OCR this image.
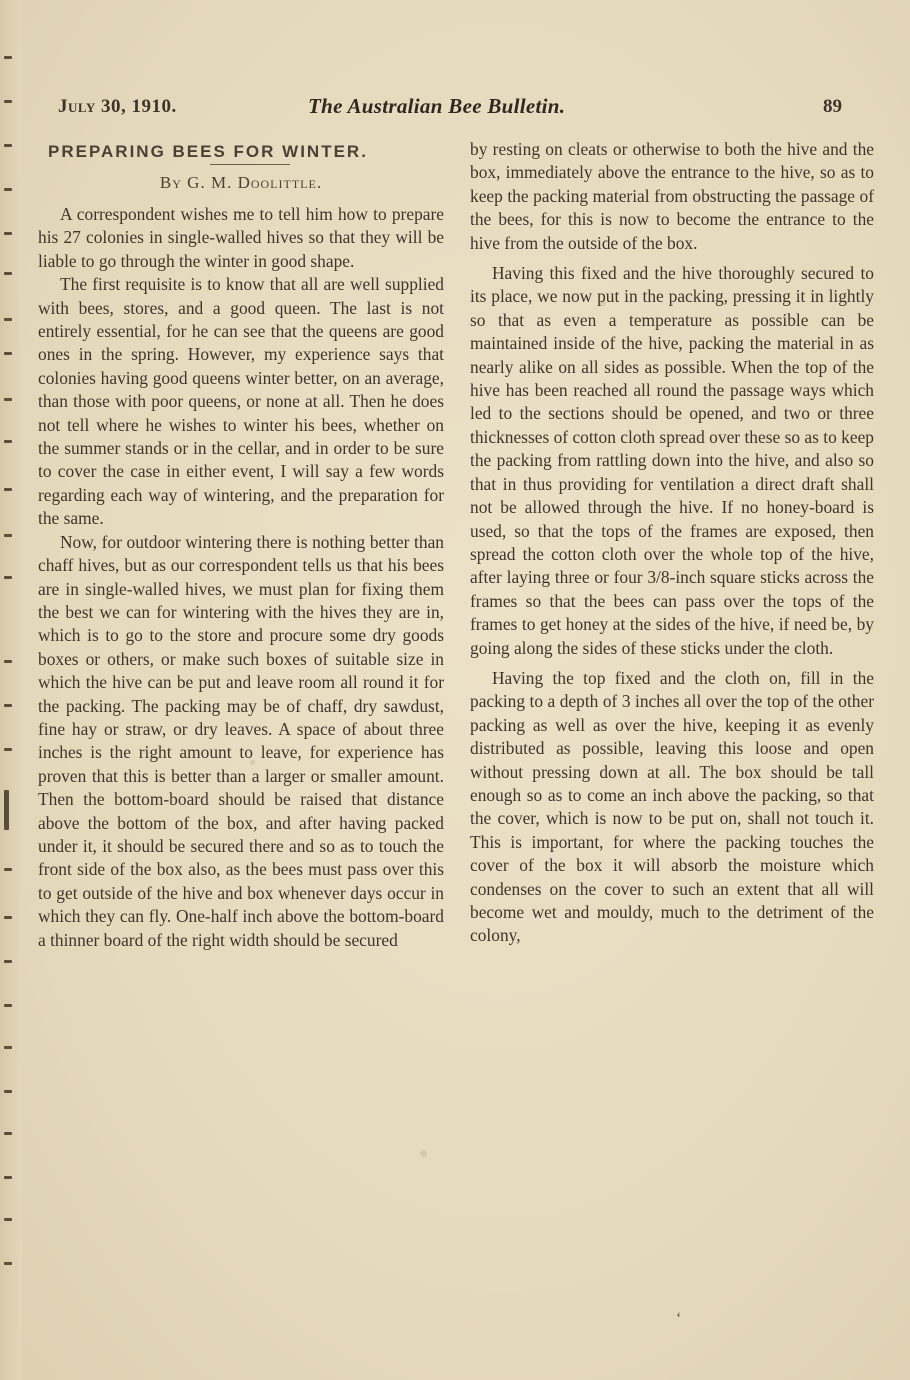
July 30, 1910.	The Australian Bee Bulletin.	89
PREPARING BEES FOR WINTER.
By G. M. Doolittle.

A correspondent wishes me to tell him how to prepare his 27 colonies in single-walled hives so that they will be liable to go through the winter in good shape.

The first requisite is to know that all are well supplied with bees, stores, and a good queen. The last is not entirely essential, for he can see that the queens are good ones in the spring. However, my experience says that colonies having good queens winter better, on an average, than those with poor queens, or none at all. Then he does not tell where he wishes to winter his bees, whether on the summer stands or in the cellar, and in order to be sure to cover the case in either event, I will say a few words regarding each way of wintering, and the preparation for the same.

Now, for outdoor wintering there is nothing better than chaff hives, but as our correspondent tells us that his bees are in single-walled hives, we must plan for fixing them the best we can for wintering with the hives they are in, which is to go to the store and procure some dry goods boxes or others, or make such boxes of suitable size in which the hive can be put and leave room all round it for the packing. The packing may be of chaff, dry sawdust, fine hay or straw, or dry leaves. A space of about three inches is the right amount to leave, for experience has proven that this is better than a larger or smaller amount. Then the bottom-board should be raised that distance above the bottom of the box, and after having packed under it, it should be secured there and so as to touch the front side of the box also, as the bees must pass over this to get outside of the hive and box whenever days occur in which they can fly. One-half inch above the bottom-board a thinner board of the right width should be secured

by resting on cleats or otherwise to both the hive and the box, immediately above the entrance to the hive, so as to keep the packing material from obstructing the passage of the bees, for this is now to become the entrance to the hive from the outside of the box.

Having this fixed and the hive thoroughly secured to its place, we now put in the packing, pressing it in lightly so that as even a temperature as possible can be maintained inside of the hive, packing the material in as nearly alike on all sides as possible. When the top of the hive has been reached all round the passage ways which led to the sections should be opened, and two or three thicknesses of cotton cloth spread over these so as to keep the packing from rattling down into the hive, and also so that in thus providing for ventilation a direct draft shall not be allowed through the hive. If no honey-board is used, so that the tops of the frames are exposed, then spread the cotton cloth over the whole top of the hive, after laying three or four 3/8-inch square sticks across the frames so that the bees can pass over the tops of the frames to get honey at the sides of the hive, if need be, by going along the sides of these sticks under the cloth.

Having the top fixed and the cloth on, fill in the packing to a depth of 3 inches all over the top of the other packing as well as over the hive, keeping it as evenly distributed as possible, leaving this loose and open without pressing down at all. The box should be tall enough so as to come an inch above the packing, so that the cover, which is now to be put on, shall not touch it. This is important, for where the packing touches the cover of the box it will absorb the moisture which condenses on the cover to such an extent that all will become wet and mouldy, much to the detriment of the colony,

ʻ
